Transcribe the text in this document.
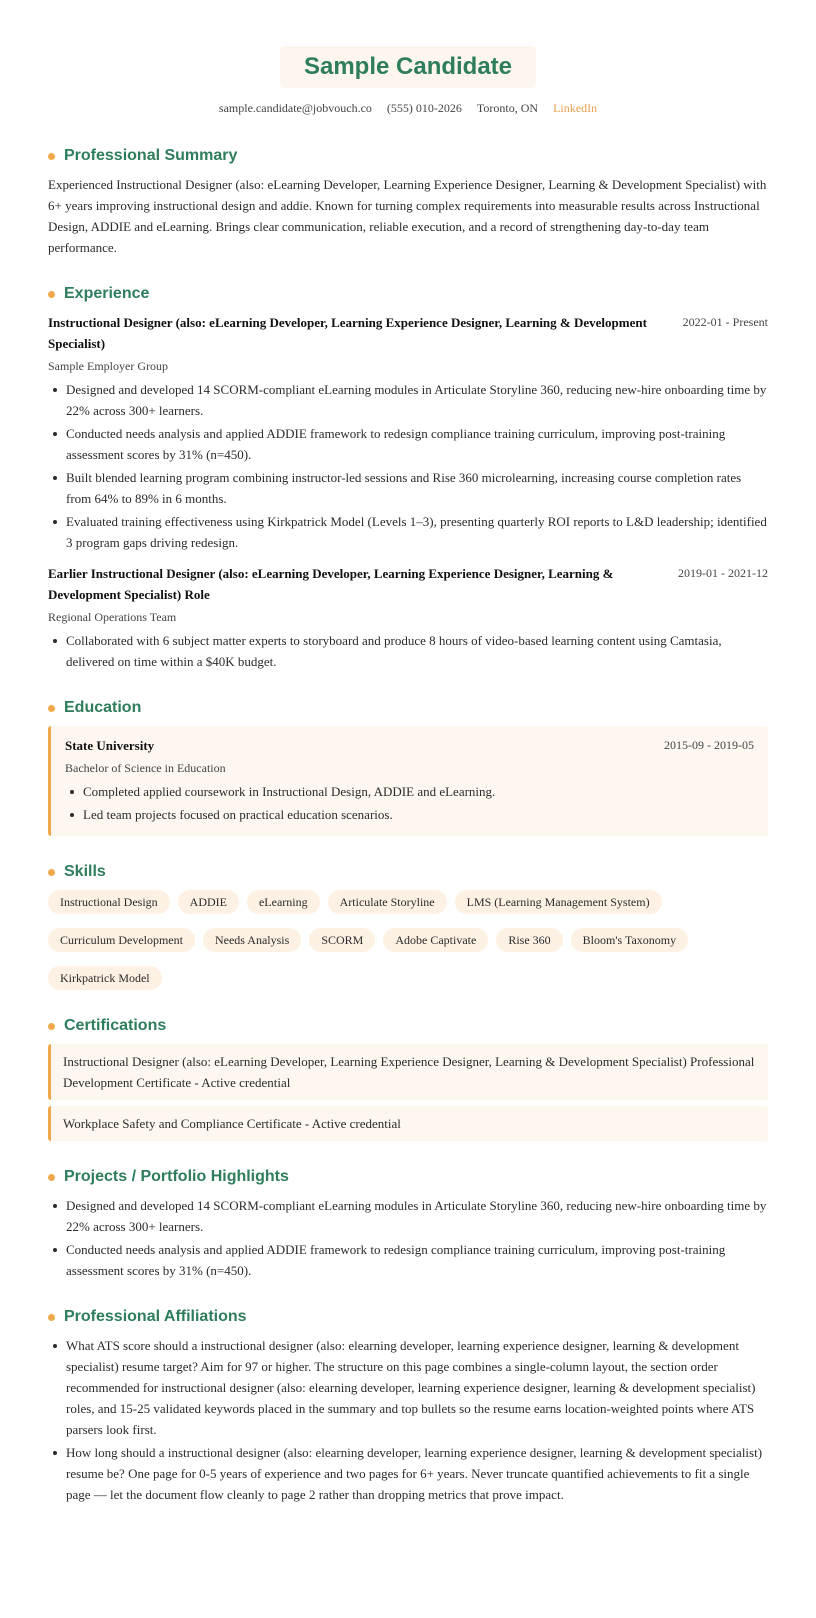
Sample Candidate
sample.candidate@jobvouch.co (555) 010-2026 Toronto, ON LinkedIn
Professional Summary

Experienced Instructional Designer (also: eLearning Developer, Learning Experience Designer, Learning & Development Specialist) with 6+ years improving instructional design and addie. Known for turning complex requirements into measurable results across Instructional Design, ADDIE and eLearning. Brings clear communication, reliable execution, and a record of strengthening day-to-day team performance.

Experience
Instructional Designer (also: eLearning Developer, Learning Experience Designer, Learning & Development Specialist)
2022-01 - Present
Sample Employer Group
Designed and developed 14 SCORM-compliant eLearning modules in Articulate Storyline 360, reducing new-hire onboarding time by 22% across 300+ learners.
Conducted needs analysis and applied ADDIE framework to redesign compliance training curriculum, improving post-training assessment scores by 31% (n=450).
Built blended learning program combining instructor-led sessions and Rise 360 microlearning, increasing course completion rates from 64% to 89% in 6 months.
Evaluated training effectiveness using Kirkpatrick Model (Levels 1–3), presenting quarterly ROI reports to L&D leadership; identified 3 program gaps driving redesign.
Earlier Instructional Designer (also: eLearning Developer, Learning Experience Designer, Learning & Development Specialist) Role
2019-01 - 2021-12
Regional Operations Team
Collaborated with 6 subject matter experts to storyboard and produce 8 hours of video-based learning content using Camtasia, delivered on time within a $40K budget.
Education
State University	2015-09 - 2019-05
Bachelor of Science in Education
Completed applied coursework in Instructional Design, ADDIE and eLearning.
Led team projects focused on practical education scenarios.
Skills
Instructional Design	ADDIE	eLearning	Articulate Storyline	LMS (Learning Management System)
Curriculum Development	Needs Analysis	SCORM	Adobe Captivate	Rise 360	Bloom's Taxonomy
Kirkpatrick Model
Certifications
Instructional Designer (also: eLearning Developer, Learning Experience Designer, Learning & Development Specialist) Professional Development Certificate - Active credential
Workplace Safety and Compliance Certificate - Active credential
Projects / Portfolio Highlights
Designed and developed 14 SCORM-compliant eLearning modules in Articulate Storyline 360, reducing new-hire onboarding time by 22% across 300+ learners.
Conducted needs analysis and applied ADDIE framework to redesign compliance training curriculum, improving post-training assessment scores by 31% (n=450).
Professional Affiliations
What ATS score should a instructional designer (also: elearning developer, learning experience designer, learning & development specialist) resume target? Aim for 97 or higher. The structure on this page combines a single-column layout, the section order recommended for instructional designer (also: elearning developer, learning experience designer, learning & development specialist) roles, and 15-25 validated keywords placed in the summary and top bullets so the resume earns location-weighted points where ATS parsers look first.
How long should a instructional designer (also: elearning developer, learning experience designer, learning & development specialist) resume be? One page for 0-5 years of experience and two pages for 6+ years. Never truncate quantified achievements to fit a single page — let the document flow cleanly to page 2 rather than dropping metrics that prove impact.
